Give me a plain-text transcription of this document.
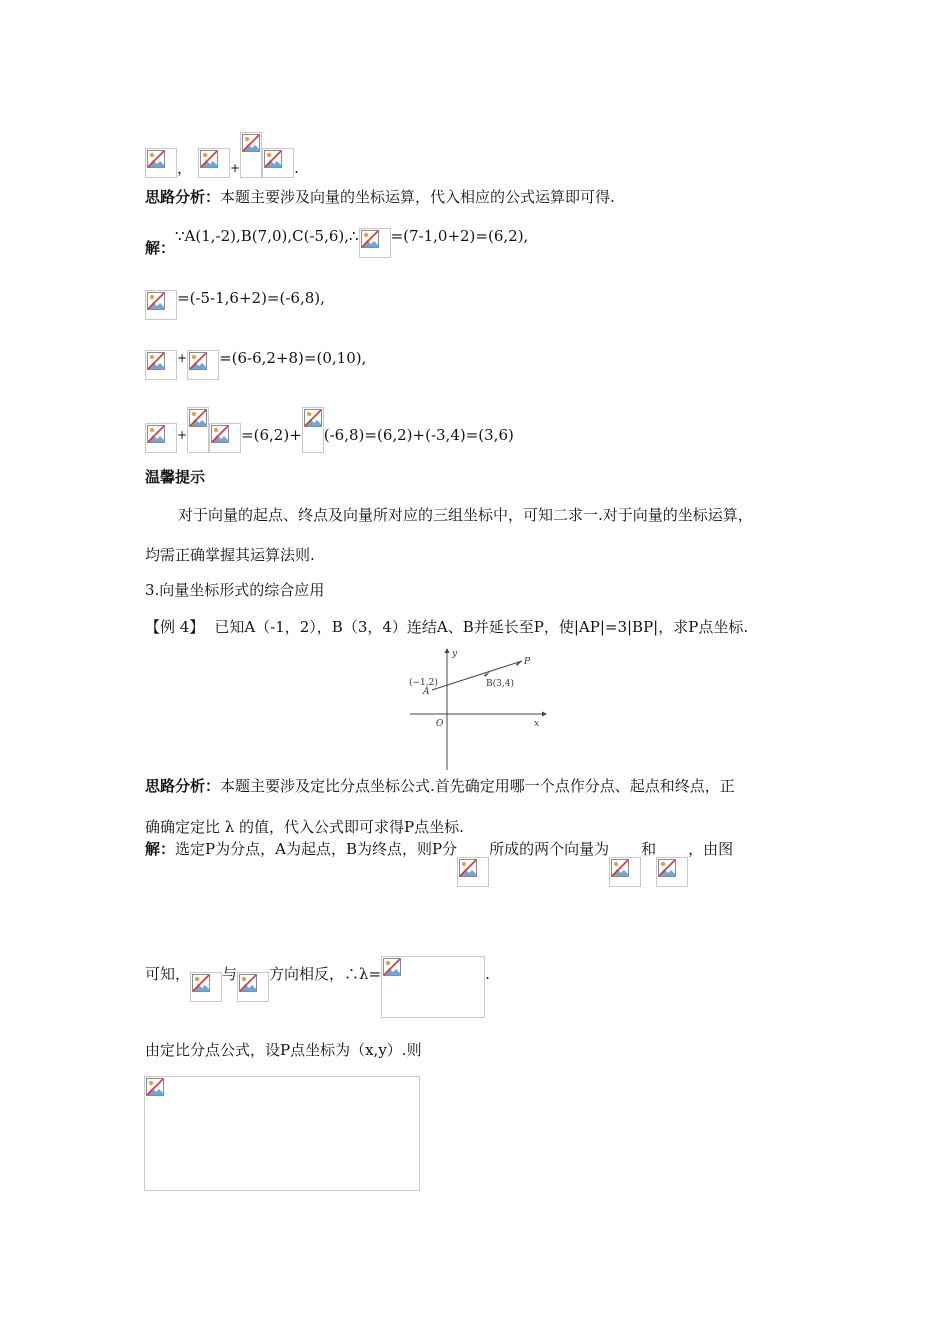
，	+	.
思路分析： 本题主要涉及向量的坐标运算，代入相应的公式运算即可得.
解：
∵A(1,-2),B(7,0),C(-5,6),∴ =(7-1,0+2)=(6,2),
=(-5-1,6+2)=(-6,8),
+ =(6-6,2+8)=(0,10),
+	=(6,2)+ (-6,8)=(6,2)+(-3,4)=(3,6)
温馨提示
对于向量的起点、终点及向量所对应的三组坐标中，可知二求一.对于向量的坐标运算，
均需正确掌握其运算法则.
3.向量坐标形式的综合应用
【例 4】 已知A（-1，2），B（3，4）连结A、B并延长至P，使|AP|=3|BP|，求P点坐标.
y
x
O
(−1,2)
A
B(3,4)
P
思路分析： 本题主要涉及定比分点坐标公式.首先确定用哪一个点作分点、起点和终点，正
确确定定比 λ 的值，代入公式即可求得P点坐标.
解： 选定P为分点，A为起点，B为终点，则P分 所成的两个向量为 和 ，由图
可知， 与 方向相反，∴λ=	.
由定比分点公式，设P点坐标为（x,y）.则
